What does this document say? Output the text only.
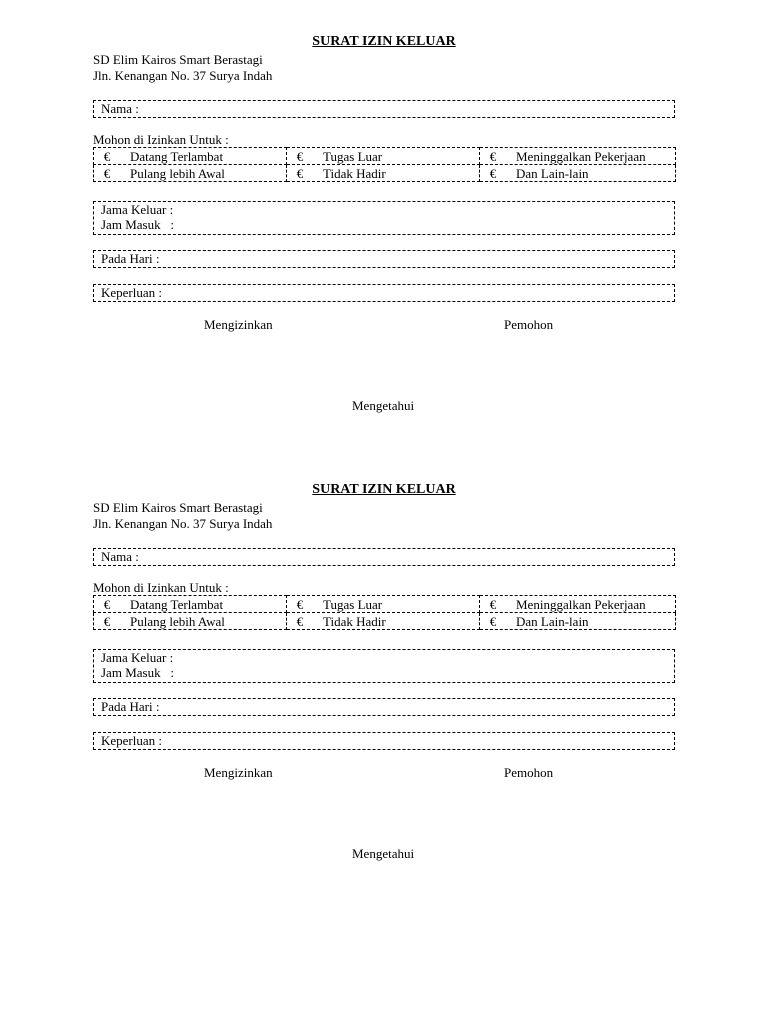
SURAT IZIN KELUAR
SD Elim Kairos Smart Berastagi
Jln. Kenangan No. 37 Surya Indah
Nama :
Mohon di Izinkan Untuk :
€ Datang Terlambat	€ Tugas Luar	€ Meninggalkan Pekerjaan
€ Pulang lebih Awal	€ Tidak Hadir	€ Dan Lain-lain
Jama Keluar :
Jam Masuk   :
Pada Hari :
Keperluan :
Mengizinkan	Pemohon
Mengetahui
SURAT IZIN KELUAR
SD Elim Kairos Smart Berastagi
Jln. Kenangan No. 37 Surya Indah
Nama :
Mohon di Izinkan Untuk :
€ Datang Terlambat	€ Tugas Luar	€ Meninggalkan Pekerjaan
€ Pulang lebih Awal	€ Tidak Hadir	€ Dan Lain-lain
Jama Keluar :
Jam Masuk   :
Pada Hari :
Keperluan :
Mengizinkan	Pemohon
Mengetahui
